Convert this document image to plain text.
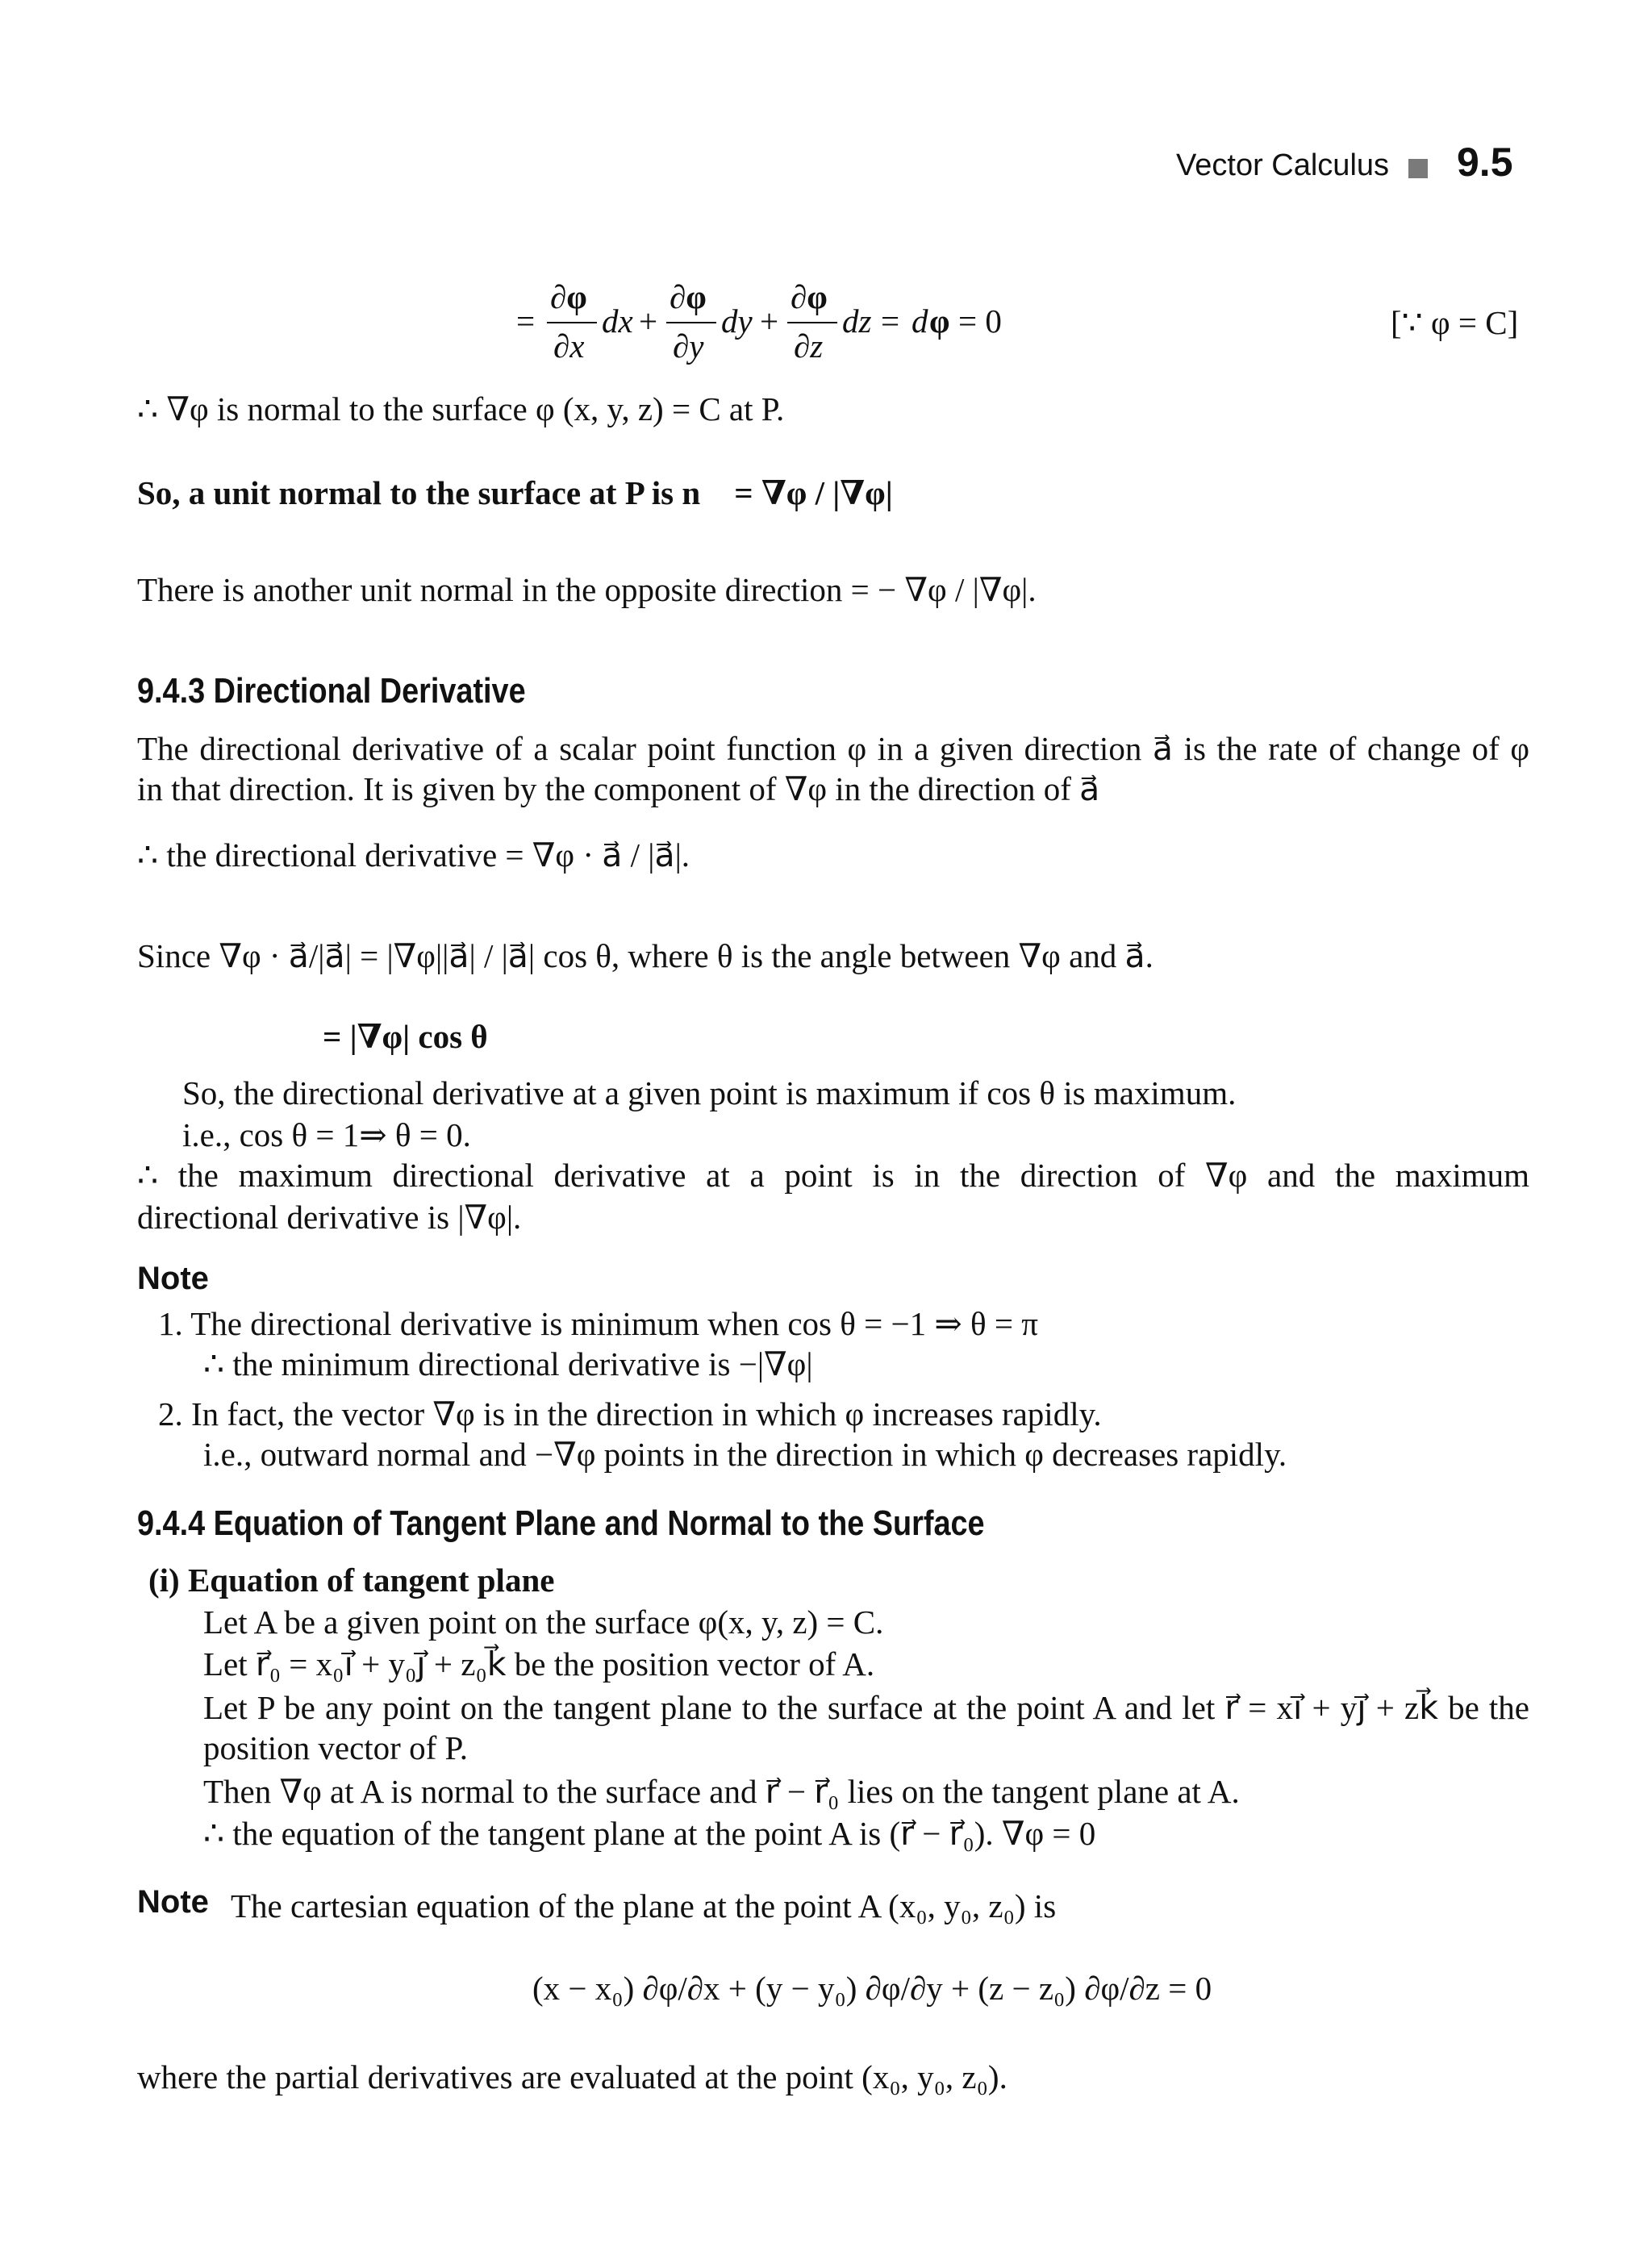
Vector Calculus 9.5
=
∂φ
∂x
dx +
∂φ
∂y
dy +
∂φ
∂z
dz = d φ = 0	[∵ φ = C]
∴ ∇φ is normal to the surface φ (x, y, z) = C at P.
So, a unit normal to the surface at P is n⃗ = ∇φ / |∇φ|
There is another unit normal in the opposite direction = − ∇φ / |∇φ|.
9.4.3 Directional Derivative
The directional derivative of a scalar point function φ in a given direction a⃗ is the rate of change of φ
in that direction. It is given by the component of ∇φ in the direction of a⃗
∴ the directional derivative = ∇φ · a⃗ / |a⃗|.
Since ∇φ · a⃗/|a⃗| = |∇φ||a⃗| / |a⃗| cos θ, where θ is the angle between ∇φ and a⃗.
= |∇φ| cos θ
So, the directional derivative at a given point is maximum if cos θ is maximum.
i.e., cos θ = 1⇒ θ = 0.
∴ the maximum directional derivative at a point is in the direction of ∇φ and the maximum
directional derivative is |∇φ|.
Note
1. The directional derivative is minimum when cos θ = −1 ⇒ θ = π
∴ the minimum directional derivative is −|∇φ|
2. In fact, the vector ∇φ is in the direction in which φ increases rapidly.
i.e., outward normal and −∇φ points in the direction in which φ decreases rapidly.
9.4.4 Equation of Tangent Plane and Normal to the Surface
(i) Equation of tangent plane
Let A be a given point on the surface φ(x, y, z) = C.
Let r⃗₀ = x₀i⃗ + y₀j⃗ + z₀k⃗ be the position vector of A.
Let P be any point on the tangent plane to the surface at the point A and let r⃗ = xi⃗ + yj⃗ + zk⃗ be the
position vector of P.
Then ∇φ at A is normal to the surface and r⃗ − r⃗₀ lies on the tangent plane at A.
∴ the equation of the tangent plane at the point A is (r⃗ − r⃗₀). ∇φ = 0
Note The cartesian equation of the plane at the point A (x₀, y₀, z₀) is
(x − x₀) ∂φ/∂x + (y − y₀) ∂φ/∂y + (z − z₀) ∂φ/∂z = 0
where the partial derivatives are evaluated at the point (x₀, y₀, z₀).
